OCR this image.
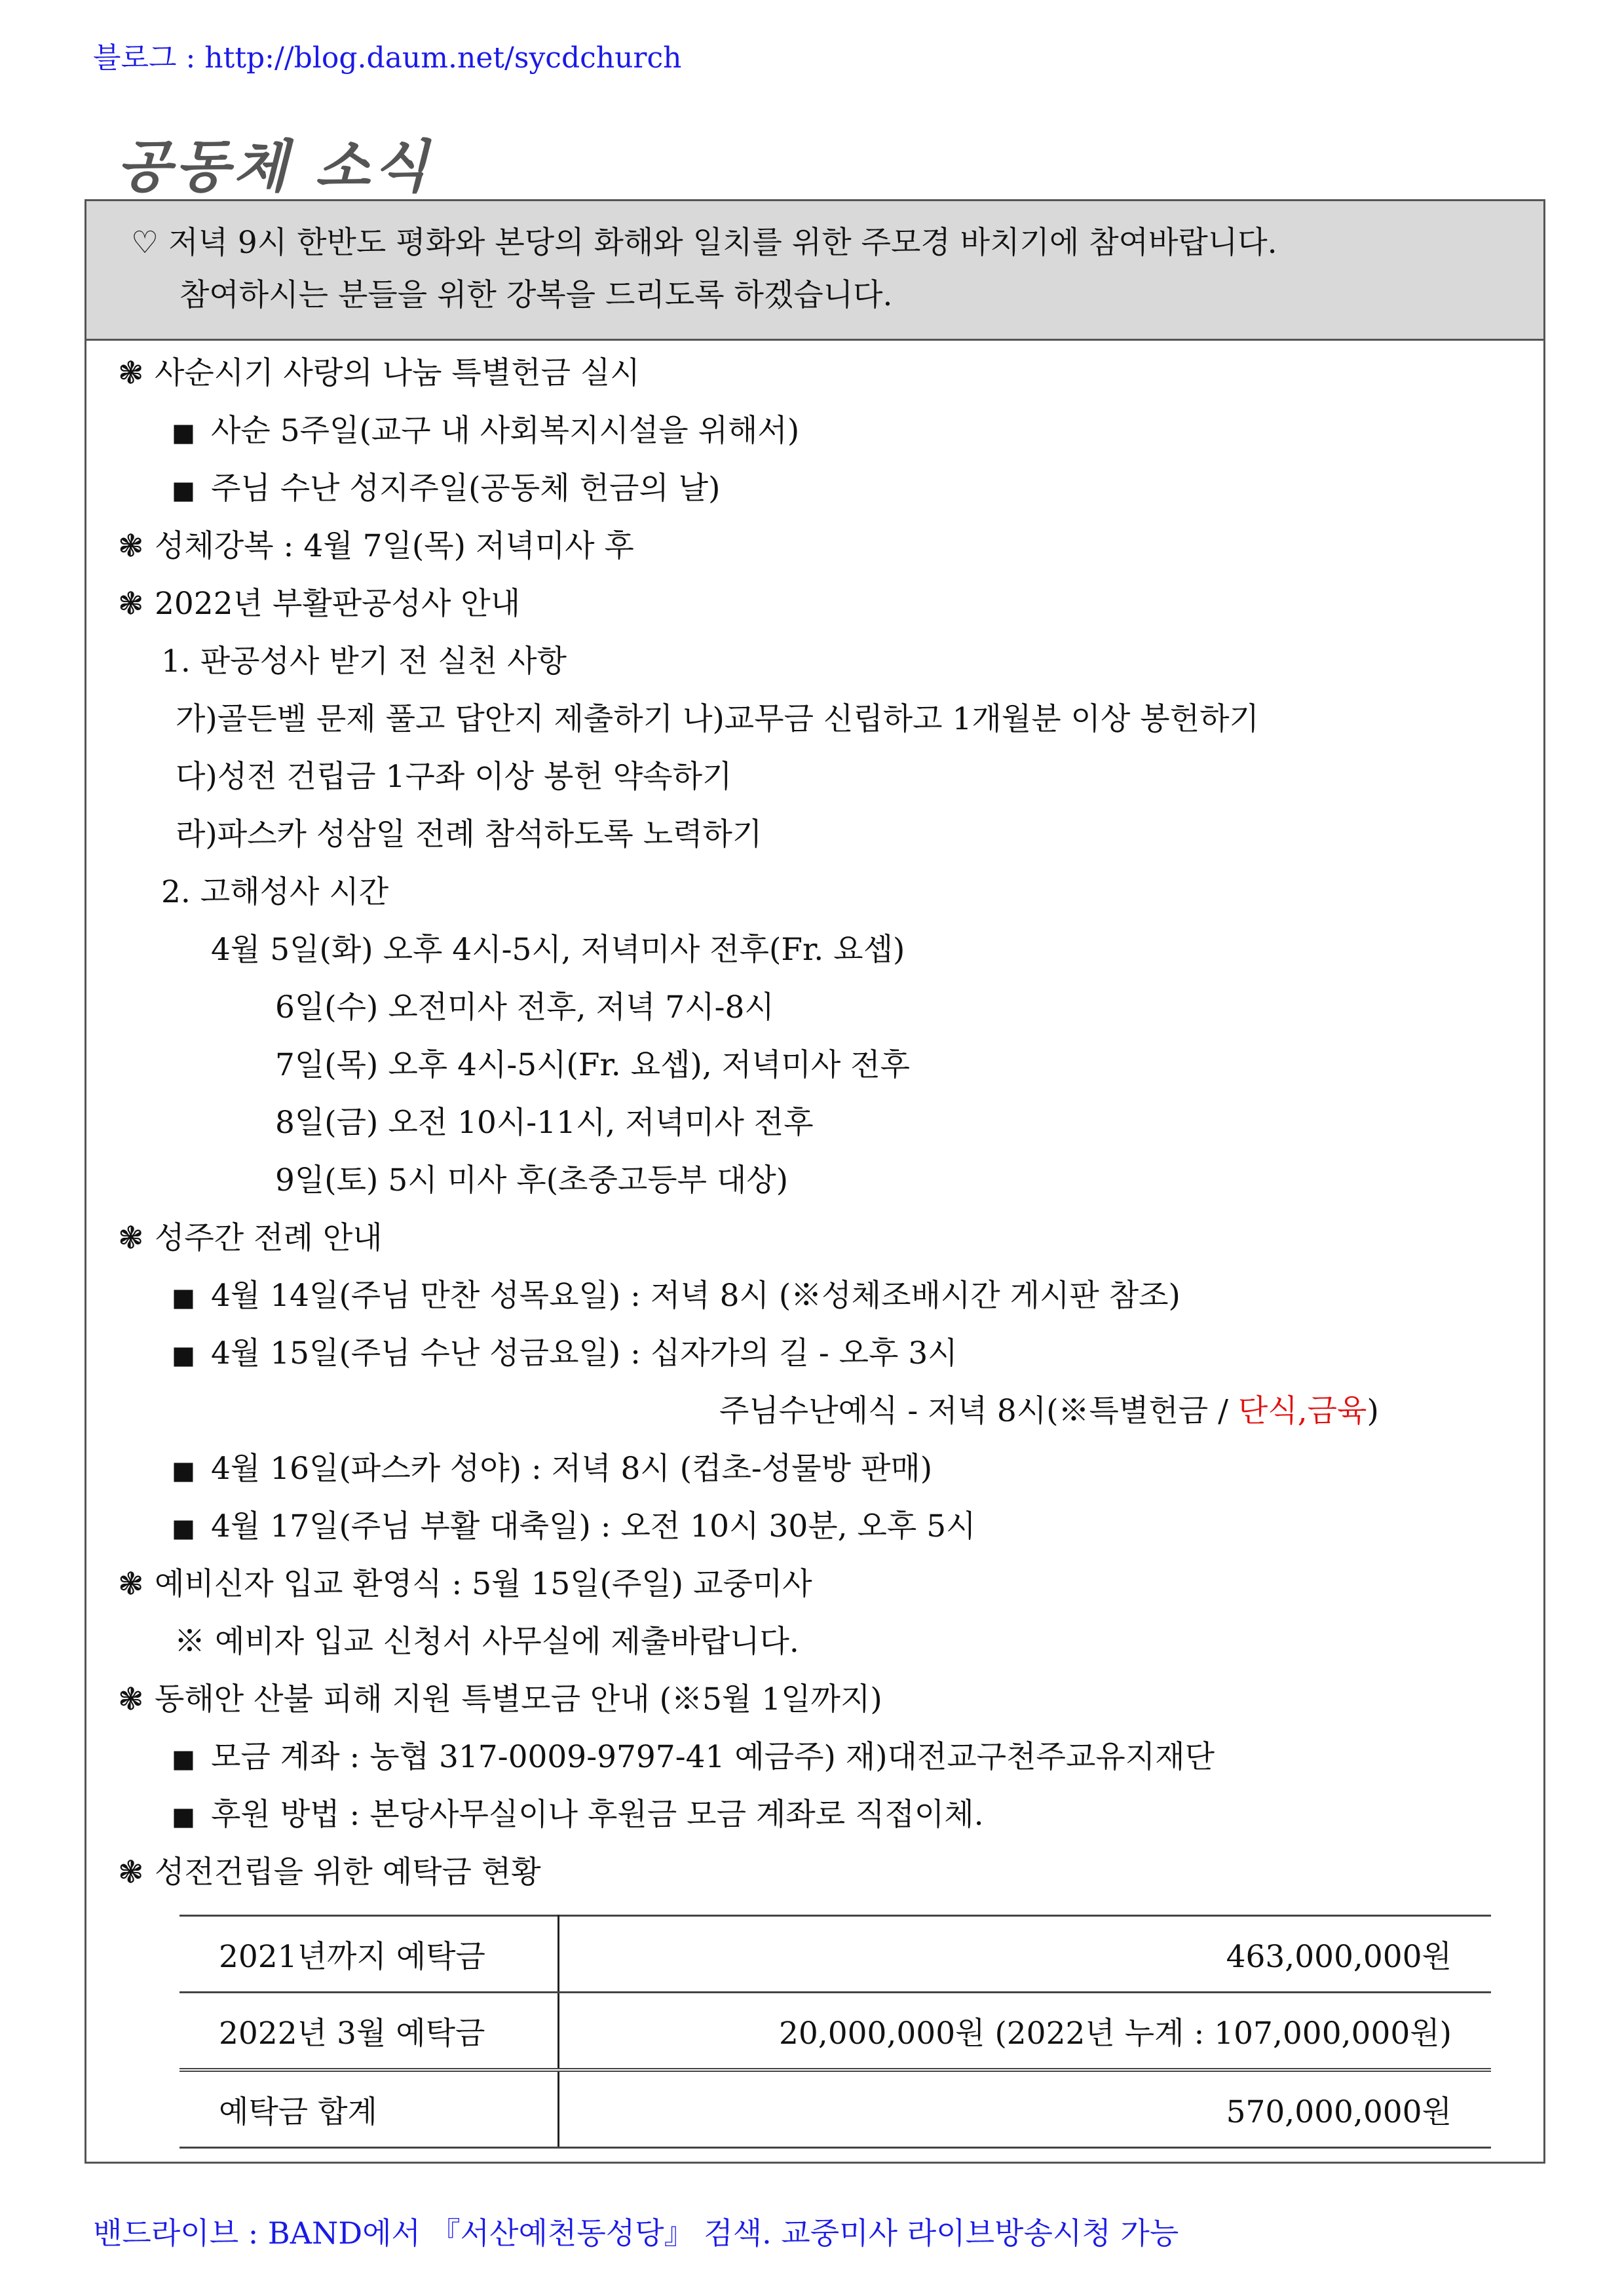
블로그 : http://blog.daum.net/sycdchurch
공동체 소식
♡ 저녁 9시 한반도 평화와 본당의 화해와 일치를 위한 주모경 바치기에 참여바랍니다.
참여하시는 분들을 위한 강복을 드리도록 하겠습니다.
❃ 사순시기 사랑의 나눔 특별헌금 실시
■ 사순 5주일(교구 내 사회복지시설을 위해서)
■ 주님 수난 성지주일(공동체 헌금의 날)
❃ 성체강복 : 4월 7일(목) 저녁미사 후
❃ 2022년 부활판공성사 안내
1. 판공성사 받기 전 실천 사항
가)골든벨 문제 풀고 답안지 제출하기 나)교무금 신립하고 1개월분 이상 봉헌하기
다)성전 건립금 1구좌 이상 봉헌 약속하기
라)파스카 성삼일 전례 참석하도록 노력하기
2. 고해성사 시간
4월 5일(화) 오후 4시-5시, 저녁미사 전후(Fr. 요셉)
6일(수) 오전미사 전후, 저녁 7시-8시
7일(목) 오후 4시-5시(Fr. 요셉), 저녁미사 전후
8일(금) 오전 10시-11시, 저녁미사 전후
9일(토) 5시 미사 후(초중고등부 대상)
❃ 성주간 전례 안내
■ 4월 14일(주님 만찬 성목요일) : 저녁 8시 (※성체조배시간 게시판 참조)
■ 4월 15일(주님 수난 성금요일) : 십자가의 길 - 오후 3시
주님수난예식 - 저녁 8시(※특별헌금 / 단식,금육)
■ 4월 16일(파스카 성야) : 저녁 8시 (컵초-성물방 판매)
■ 4월 17일(주님 부활 대축일) : 오전 10시 30분, 오후 5시
❃ 예비신자 입교 환영식 : 5월 15일(주일) 교중미사
※ 예비자 입교 신청서 사무실에 제출바랍니다.
❃ 동해안 산불 피해 지원 특별모금 안내 (※5월 1일까지)
■ 모금 계좌 : 농협 317-0009-9797-41 예금주) 재)대전교구천주교유지재단
■ 후원 방법 : 본당사무실이나 후원금 모금 계좌로 직접이체.
❃ 성전건립을 위한 예탁금 현황
2021년까지 예탁금	463,000,000원
2022년 3월 예탁금	20,000,000원 (2022년 누계 : 107,000,000원)
예탁금 합계	570,000,000원
밴드라이브 : BAND에서 『서산예천동성당』 검색. 교중미사 라이브방송시청 가능
